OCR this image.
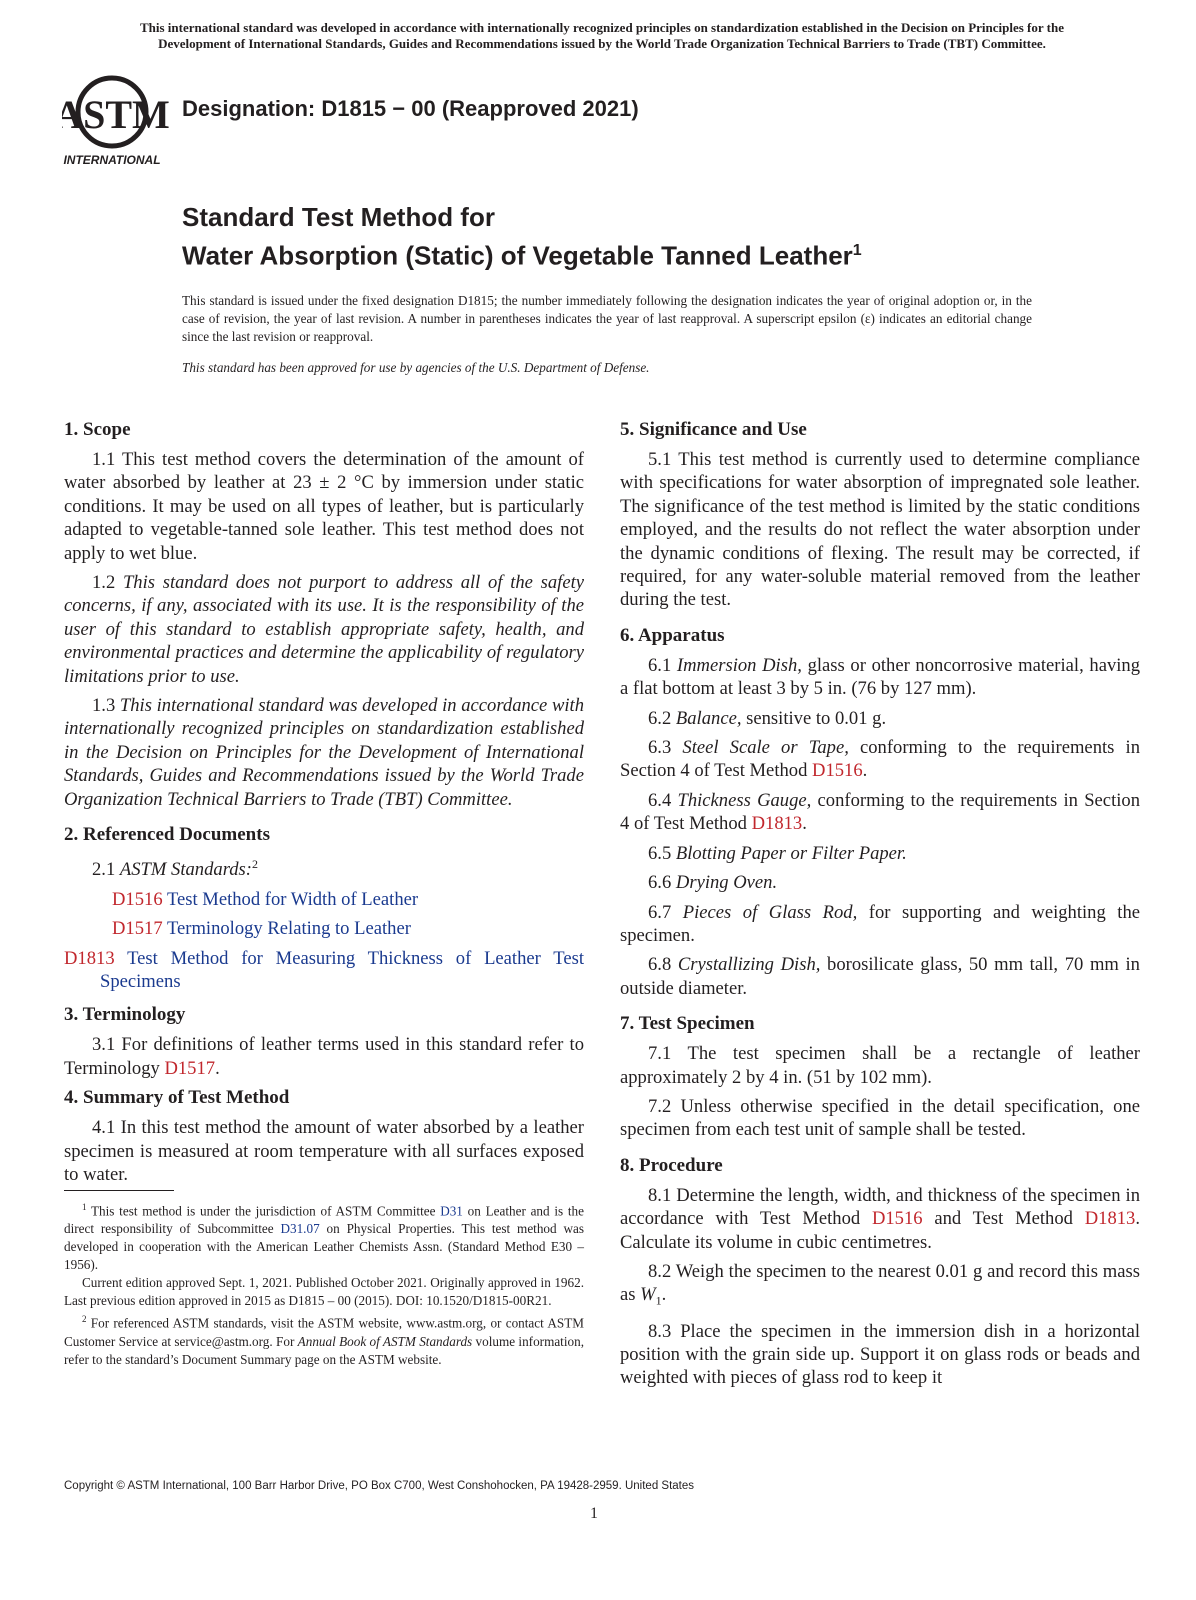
This international standard was developed in accordance with internationally recognized principles on standardization established in the Decision on Principles for the
Development of International Standards, Guides and Recommendations issued by the World Trade Organization Technical Barriers to Trade (TBT) Committee.
ASTM
INTERNATIONAL
Designation: D1815 − 00 (Reapproved 2021)
Standard Test Method for
Water Absorption (Static) of Vegetable Tanned Leather$^1$
This standard is issued under the fixed designation D1815; the number immediately following the designation indicates the year of original adoption or, in the case of revision, the year of last revision. A number in parentheses indicates the year of last reapproval. A superscript epsilon (ε) indicates an editorial change since the last revision or reapproval.
This standard has been approved for use by agencies of the U.S. Department of Defense.
1. Scope

1.1 This test method covers the determination of the amount of water absorbed by leather at 23 ± 2 °C by immersion under static conditions. It may be used on all types of leather, but is particularly adapted to vegetable-tanned sole leather. This test method does not apply to wet blue.

1.2 This standard does not purport to address all of the safety concerns, if any, associated with its use. It is the responsibility of the user of this standard to establish appropriate safety, health, and environmental practices and determine the applicability of regulatory limitations prior to use.

1.3 This international standard was developed in accordance with internationally recognized principles on standardization established in the Decision on Principles for the Development of International Standards, Guides and Recommendations issued by the World Trade Organization Technical Barriers to Trade (TBT) Committee.

2. Referenced Documents

2.1 ASTM Standards:$^2$

D1516 Test Method for Width of Leather

D1517 Terminology Relating to Leather

D1813 Test Method for Measuring Thickness of Leather Test Specimens

3. Terminology

3.1 For definitions of leather terms used in this standard refer to Terminology D1517.

4. Summary of Test Method

4.1 In this test method the amount of water absorbed by a leather specimen is measured at room temperature with all surfaces exposed to water.

5. Significance and Use

5.1 This test method is currently used to determine compliance with specifications for water absorption of impregnated sole leather. The significance of the test method is limited by the static conditions employed, and the results do not reflect the water absorption under the dynamic conditions of flexing. The result may be corrected, if required, for any water-soluble material removed from the leather during the test.

6. Apparatus

6.1 Immersion Dish, glass or other noncorrosive material, having a flat bottom at least 3 by 5 in. (76 by 127 mm).

6.2 Balance, sensitive to 0.01 g.

6.3 Steel Scale or Tape, conforming to the requirements in Section 4 of Test Method D1516.

6.4 Thickness Gauge, conforming to the requirements in Section 4 of Test Method D1813.

6.5 Blotting Paper or Filter Paper.

6.6 Drying Oven.

6.7 Pieces of Glass Rod, for supporting and weighting the specimen.

6.8 Crystallizing Dish, borosilicate glass, 50 mm tall, 70 mm in outside diameter.

7. Test Specimen

7.1 The test specimen shall be a rectangle of leather approximately 2 by 4 in. (51 by 102 mm).

7.2 Unless otherwise specified in the detail specification, one specimen from each test unit of sample shall be tested.

8. Procedure

8.1 Determine the length, width, and thickness of the specimen in accordance with Test Method D1516 and Test Method D1813. Calculate its volume in cubic centimetres.

8.2 Weigh the specimen to the nearest 0.01 g and record this mass as $W_1$.

8.3 Place the specimen in the immersion dish in a horizontal position with the grain side up. Support it on glass rods or beads and weighted with pieces of glass rod to keep it

$^1$ This test method is under the jurisdiction of ASTM Committee D31 on Leather and is the direct responsibility of Subcommittee D31.07 on Physical Properties. This test method was developed in cooperation with the American Leather Chemists Assn. (Standard Method E30 – 1956).

Current edition approved Sept. 1, 2021. Published October 2021. Originally approved in 1962. Last previous edition approved in 2015 as D1815 – 00 (2015). DOI: 10.1520/D1815-00R21.

$^2$ For referenced ASTM standards, visit the ASTM website, www.astm.org, or contact ASTM Customer Service at service@astm.org. For Annual Book of ASTM Standards volume information, refer to the standard’s Document Summary page on the ASTM website.

Copyright © ASTM International, 100 Barr Harbor Drive, PO Box C700, West Conshohocken, PA 19428-2959. United States
1
